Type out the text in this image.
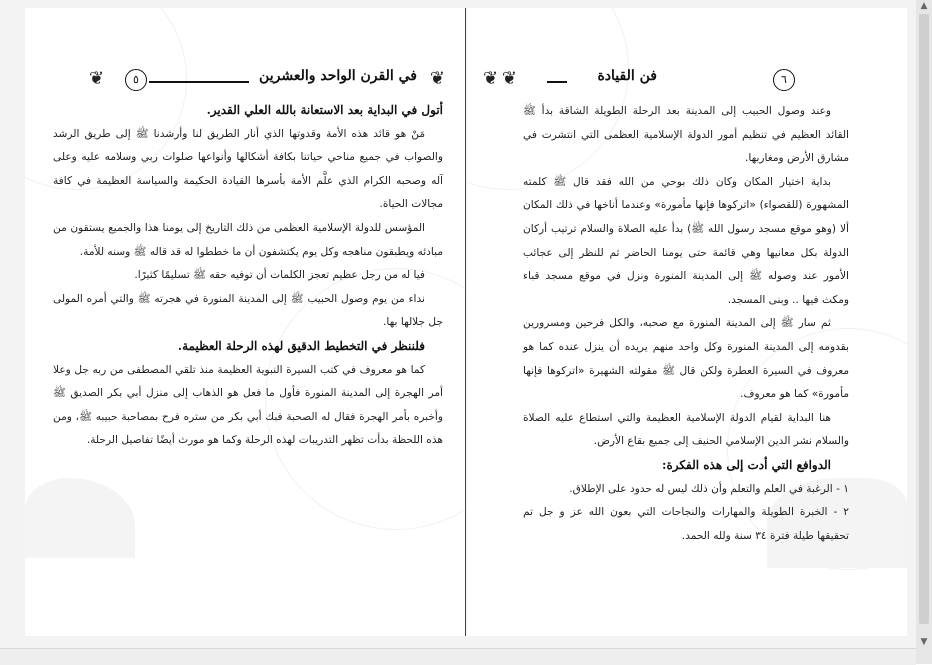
❦
في القرن الواحد والعشرين
٥
❦

أتول في البداية بعد الاستعانة بالله العلي القدير.

مَنْ هو قائد هذه الأمة وقدوتها الذي أنار الطريق لنا وأرشدنا ﷺ إلى طريق الرشد والصواب في جميع مناحي حياتنا بكافة أشكالها وأنواعها صلوات ربي وسلامه عليه وعلى آله وصحبه الكرام الذي علَّم الأمة بأسرها القيادة الحكيمة والسياسة العظيمة في كافة مجالات الحياة.

المؤسس للدولة الإسلامية العظمى من ذلك التاريخ إلى يومنا هذا والجميع يستقون من مبادئه ويطبقون مناهجه وكل يوم يكتشفون أن ما خططوا له قد قاله ﷺ وسنه للأمة.

فيا له من رجل عظيم تعجز الكلمات أن توفيه حقه ﷺ تسليمًا كثيرًا.

نداء من يوم وصول الحبيب ﷺ إلى المدينة المنورة في هجرته ﷺ والتي أمره المولى جل جلالها بها.

فلننظر في التخطيط الدقيق لهذه الرحلة العظيمة.

كما هو معروف في كتب السيرة النبوية العظيمة منذ تلقي المصطفى من ربه جل وعلا أمر الهجرة إلى المدينة المنورة فأول ما فعل هو الذهاب إلى منزل أبي بكر الصديق ﷺ وأخبره بأمر الهجرة فقال له الصحبة فبك أبي بكر من ستره فرح بمصاحبة حبيبه ﷺ، ومن هذه اللحظة بدأت تظهر التدريبات لهذه الرحلة وكما هو مورث أيضًا تفاصيل الرحلة.

❦	٦
فن القيادة
❦

وعند وصول الحبيب إلى المدينة بعد الرحلة الطويلة الشاقة بدأ ﷺ القائد العظيم في تنظيم أمور الدولة الإسلامية العظمى التي انتشرت في مشارق الأرض ومغاربها.

بداية اختيار المكان وكان ذلك بوحي من الله فقد قال ﷺ كلمته المشهورة (للقصواء) «اتركوها فإنها مأمورة» وعندما أناخها في ذلك المكان ألا (وهو موقع مسجد رسول الله ﷺ) بدأ عليه الصلاة والسلام ترتيب أركان الدولة بكل معانيها وهي قائمة حتى يومنا الحاضر ثم للنظر إلى عجائب الأمور عند وصوله ﷺ إلى المدينة المنورة ونزل في موقع مسجد قباء ومكث فيها .. وبنى المسجد.

ثم سار ﷺ إلى المدينة المنورة مع صحبه، والكل فرحين ومسرورين بقدومه إلى المدينة المنورة وكل واحد منهم يريده أن ينزل عنده كما هو معروف في السيرة العطرة ولكن قال ﷺ مقولته الشهيرة «اتركوها فإنها مأمورة» كما هو معروف.

هنا البداية لقيام الدولة الإسلامية العظيمة والتي استطاع عليه الصلاة والسلام نشر الدين الإسلامي الحنيف إلى جميع بقاع الأرض.

الدوافع التي أدت إلى هذه الفكرة:

١ - الرغبة في العلم والتعلم وأن ذلك ليس له حدود على الإطلاق.

٢ - الخبرة الطويلة والمهارات والنجاحات التي بعون الله عز و جل تم تحقيقها طيلة فترة ٣٤ سنة ولله الحمد.

▲
▼
